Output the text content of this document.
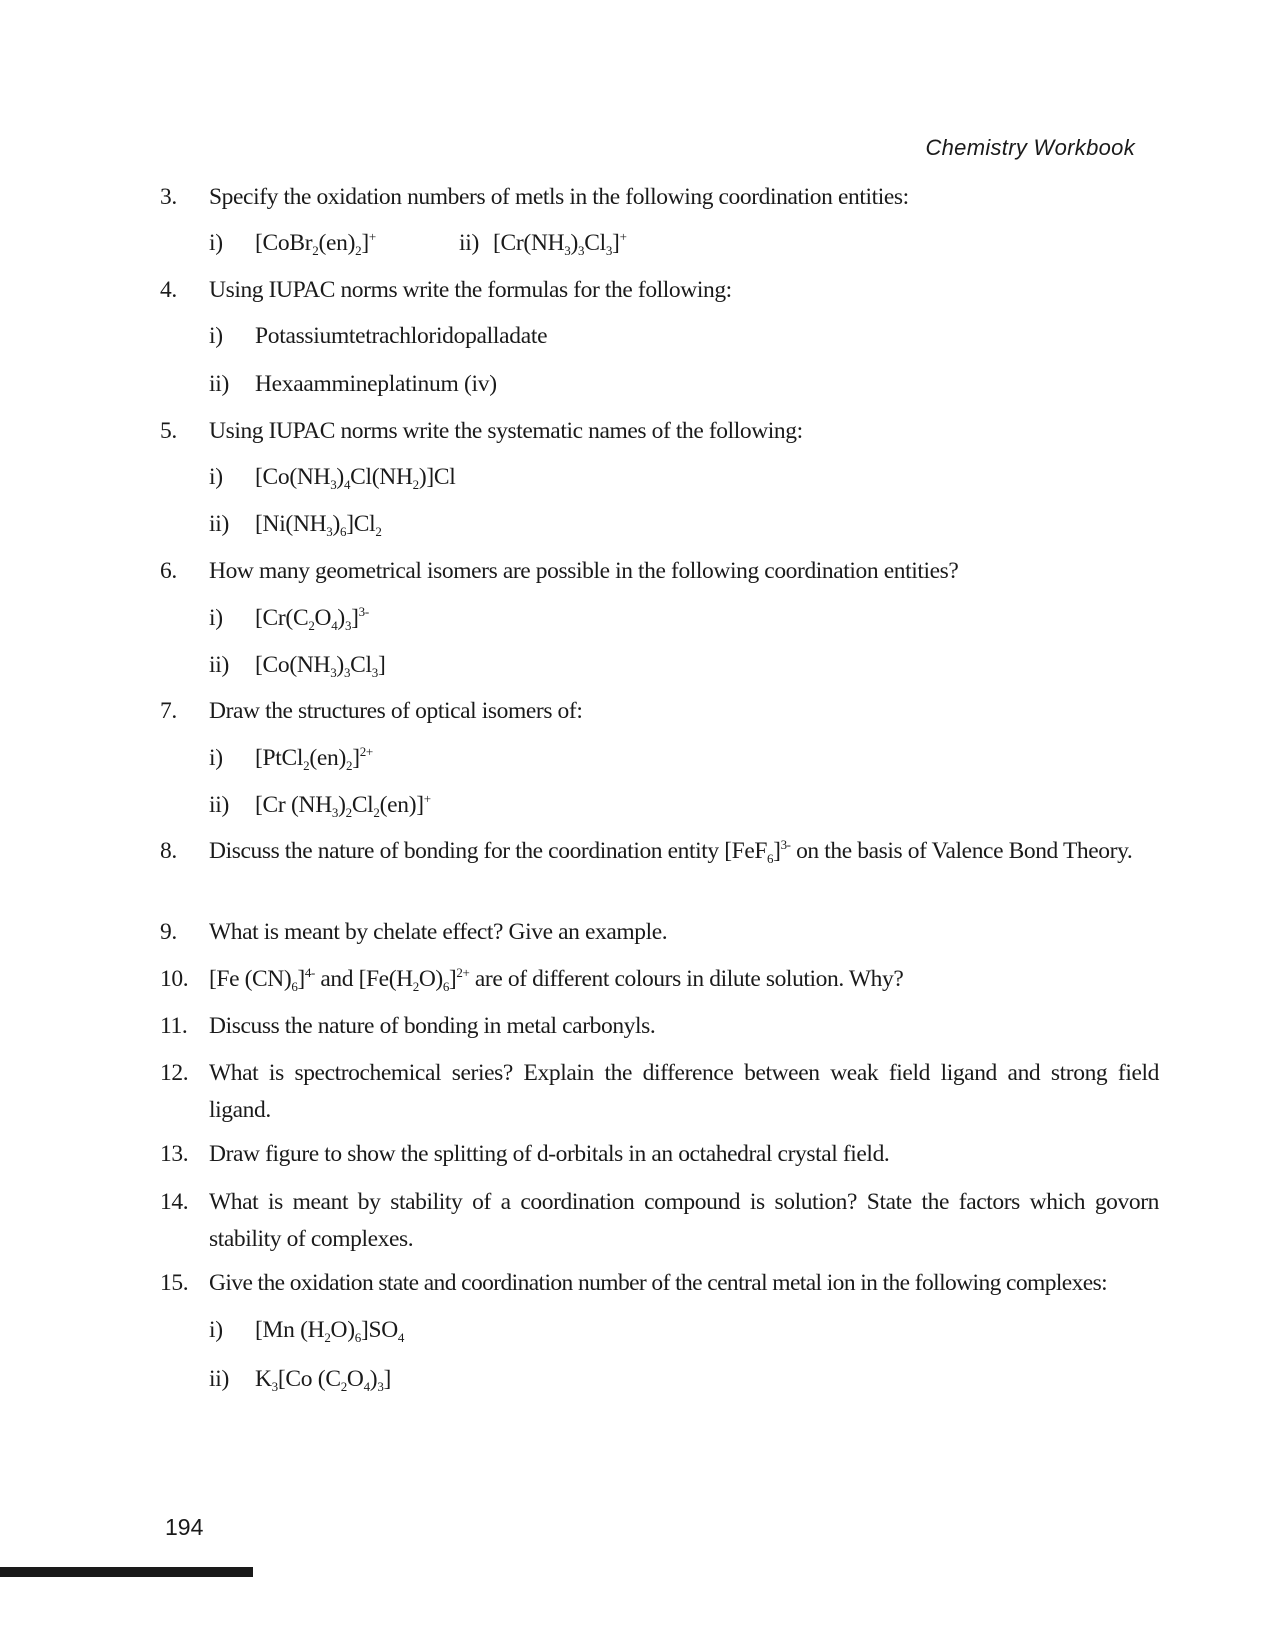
Chemistry Workbook
3. Specify the oxidation numbers of metls in the following coordination entities:
i) $[CoBr_2(en)_2]^+$	ii) $[Cr(NH_3)_3Cl_3]^+$
4. Using IUPAC norms write the formulas for the following:
i) Potassiumtetrachloridopalladate
ii) Hexaammineplatinum (iv)
5. Using IUPAC norms write the systematic names of the following:
i) $[Co(NH_3)_4Cl(NH_2)]Cl$
ii) $[Ni(NH_3)_6]Cl_2$
6. How many geometrical isomers are possible in the following coordination entities?
i) $[Cr(C_2O_4)_3]^{3-}$
ii) $[Co(NH_3)_3Cl_3]$
7. Draw the structures of optical isomers of:
i) $[PtCl_2(en)_2]^{2+}$
ii) [Cr $(NH_3)_2Cl_2(en)]^+$
8. Discuss the nature of bonding for the coordination entity $[FeF_6]^{3-}$ on the basis of Valence Bond Theory.
9. What is meant by chelate effect? Give an example.
10. [Fe $(CN)_6]^{4-}$ and $[Fe(H_2O)_6]^{2+}$ are of different colours in dilute solution. Why?
11. Discuss the nature of bonding in metal carbonyls.
12. What is spectrochemical series? Explain the difference between weak field ligand and strong field ligand.
13. Draw figure to show the splitting of d-orbitals in an octahedral crystal field.
14. What is meant by stability of a coordination compound is solution? State the factors which govorn stability of complexes.
15. Give the oxidation state and coordination number of the central metal ion in the following complexes:
i) [Mn $(H_2O)_6]SO_4$
ii) $K_3[Co$ $(C_2O_4)_3$]
194
